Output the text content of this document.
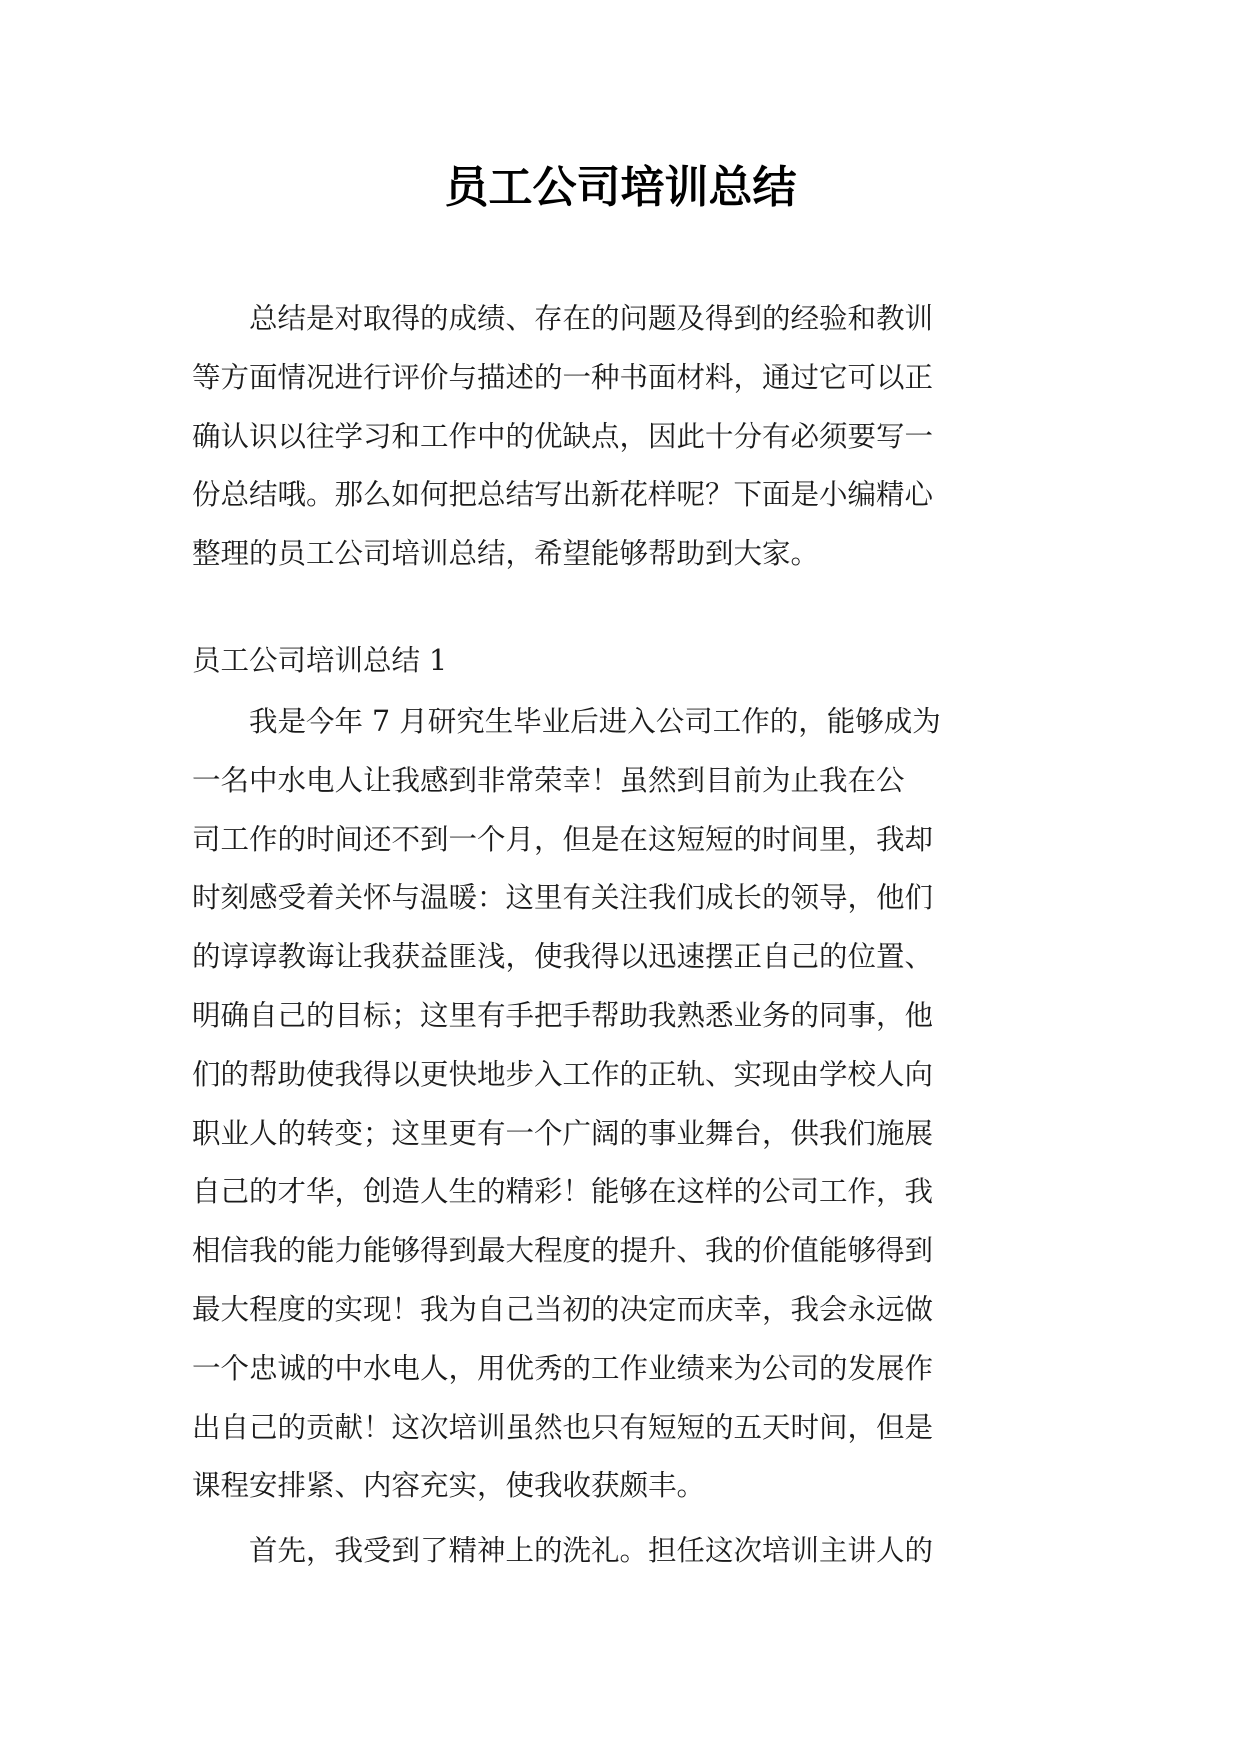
员工公司培训总结

总结是对取得的成绩、存在的问题及得到的经验和教训
等方面情况进行评价与描述的一种书面材料，通过它可以正
确认识以往学习和工作中的优缺点，因此十分有必须要写一
份总结哦。那么如何把总结写出新花样呢？下面是小编精心
整理的员工公司培训总结，希望能够帮助到大家。

员工公司培训总结 1

我是今年 7 月研究生毕业后进入公司工作的，能够成为
一名中水电人让我感到非常荣幸！虽然到目前为止我在公
司工作的时间还不到一个月，但是在这短短的时间里，我却
时刻感受着关怀与温暖：这里有关注我们成长的领导，他们
的谆谆教诲让我获益匪浅，使我得以迅速摆正自己的位置、
明确自己的目标；这里有手把手帮助我熟悉业务的同事，他
们的帮助使我得以更快地步入工作的正轨、实现由学校人向
职业人的转变；这里更有一个广阔的事业舞台，供我们施展
自己的才华，创造人生的精彩！能够在这样的公司工作，我
相信我的能力能够得到最大程度的提升、我的价值能够得到
最大程度的实现！我为自己当初的决定而庆幸，我会永远做
一个忠诚的中水电人，用优秀的工作业绩来为公司的发展作
出自己的贡献！这次培训虽然也只有短短的五天时间，但是
课程安排紧、内容充实，使我收获颇丰。

首先，我受到了精神上的洗礼。担任这次培训主讲人的
